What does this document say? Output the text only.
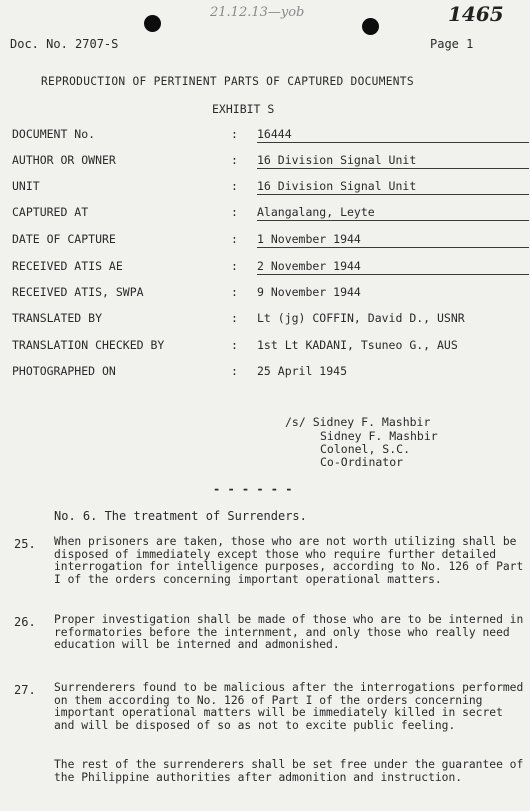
21.12.13—yob	1465
Doc. No. 2707-S	Page 1
REPRODUCTION OF PERTINENT PARTS OF CAPTURED DOCUMENTS
EXHIBIT S
DOCUMENT No.	: 16444
AUTHOR OR OWNER	: 16 Division Signal Unit
UNIT	: 16 Division Signal Unit
CAPTURED AT	: Alangalang, Leyte
DATE OF CAPTURE	: 1 November 1944
RECEIVED ATIS AE	: 2 November 1944
RECEIVED ATIS, SWPA	: 9 November 1944
TRANSLATED BY	: Lt (jg) COFFIN, David D., USNR
TRANSLATION CHECKED BY	: 1st Lt KADANI, Tsuneo G., AUS
PHOTOGRAPHED ON	: 25 April 1945
/s/ Sidney F. Mashbir
Sidney F. Mashbir
Colonel, S.C.
Co-Ordinator
- - - - - -
No. 6. The treatment of Surrenders.
25. When prisoners are taken, those who are not worth utilizing shall be disposed of immediately except those who require further detailed interrogation for intelligence purposes, according to No. 126 of Part I of the orders concerning important operational matters.
26. Proper investigation shall be made of those who are to be interned in reformatories before the internment, and only those who really need education will be interned and admonished.
27. Surrenderers found to be malicious after the interrogations performed on them according to No. 126 of Part I of the orders concerning important operational matters will be immediately killed in secret and will be disposed of so as not to excite public feeling.
The rest of the surrenderers shall be set free under the guarantee of the Philippine authorities after admonition and instruction.
